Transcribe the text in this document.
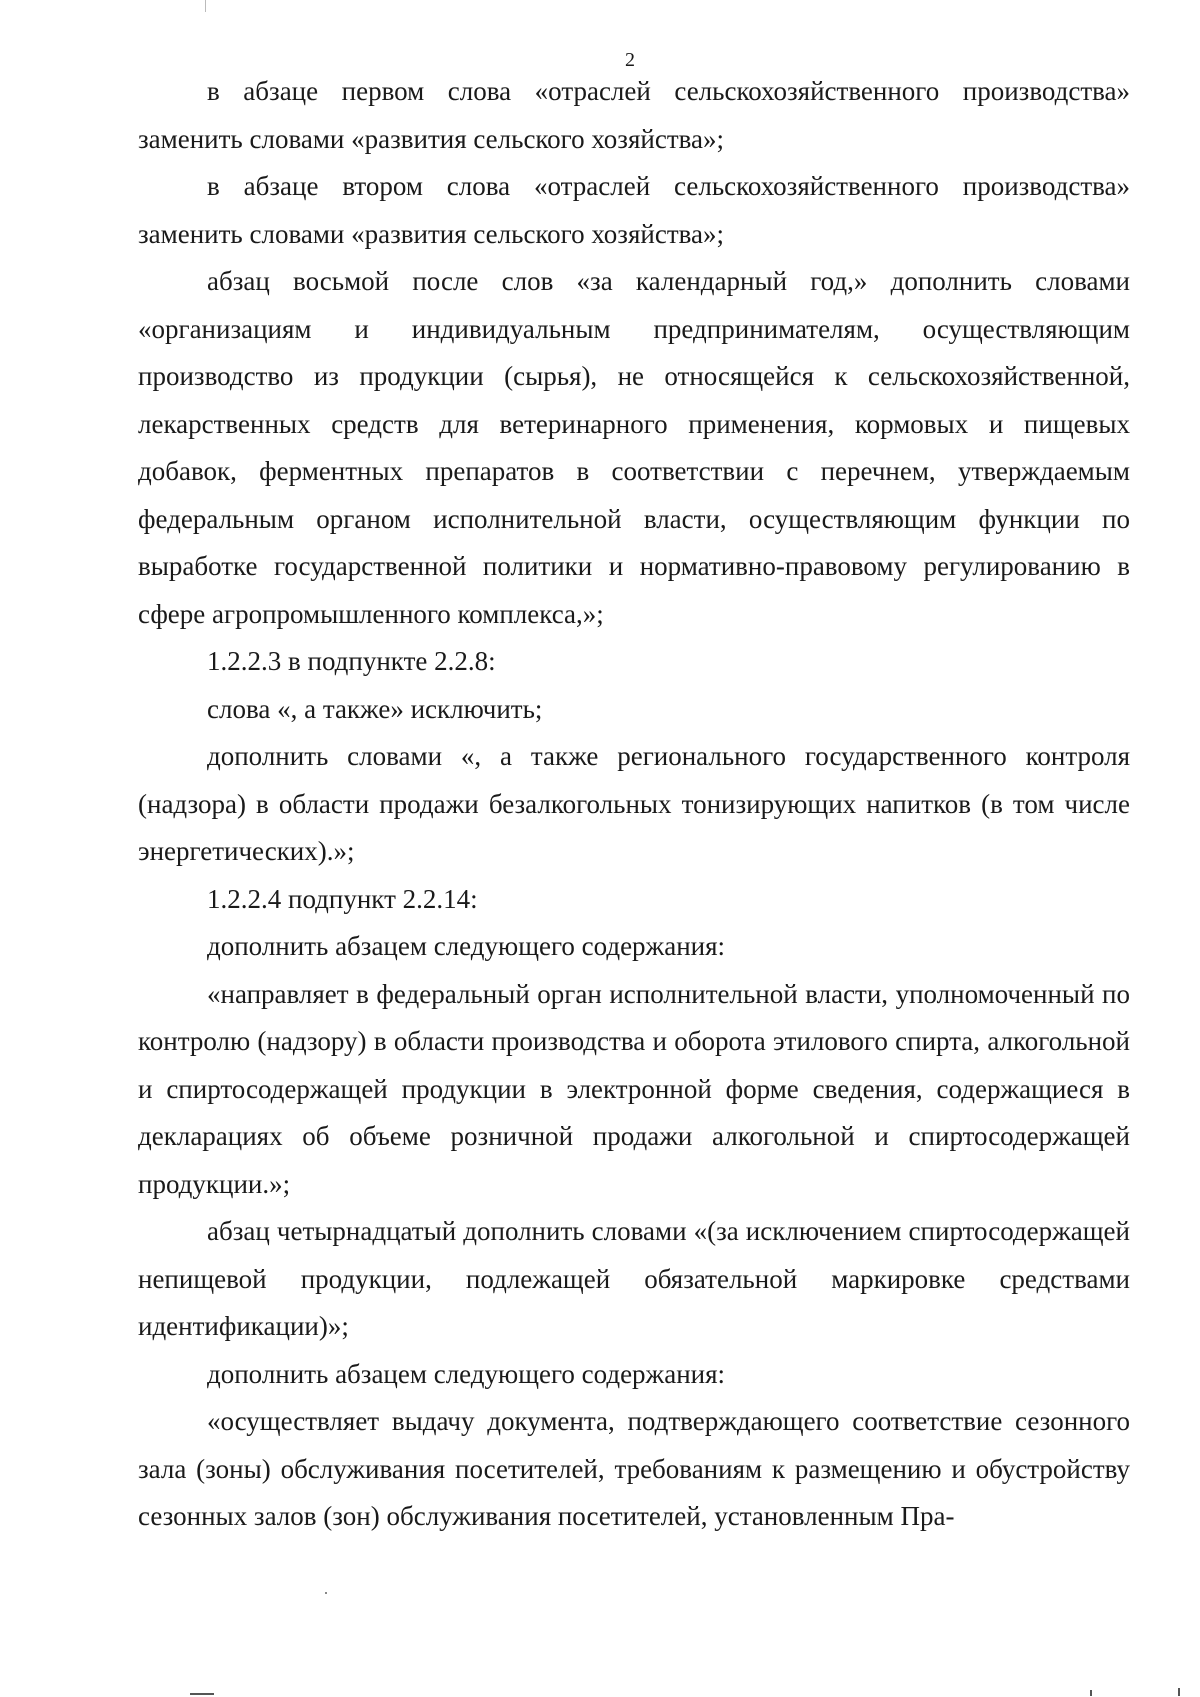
2

в абзаце первом слова «отраслей сельскохозяйственного производства» заменить словами «развития сельского хозяйства»;

в абзаце втором слова «отраслей сельскохозяйственного производства» заменить словами «развития сельского хозяйства»;

абзац восьмой после слов «за календарный год,» дополнить словами «организациям и индивидуальным предпринимателям, осуществляющим производство из продукции (сырья), не относящейся к сельскохозяйственной, лекарственных средств для ветеринарного применения, кормовых и пищевых добавок, ферментных препаратов в соответствии с перечнем, утверждаемым федеральным органом исполнительной власти, осуществляющим функции по выработке государственной политики и нормативно-правовому регулированию в сфере агропромышленного комплекса,»;

1.2.2.3 в подпункте 2.2.8:

слова «, а также» исключить;

дополнить словами «, а также регионального государственного контроля (надзора) в области продажи безалкогольных тонизирующих напитков (в том числе энергетических).»;

1.2.2.4 подпункт 2.2.14:

дополнить абзацем следующего содержания:

«направляет в федеральный орган исполнительной власти, уполномоченный по контролю (надзору) в области производства и оборота этилового спирта, алкогольной и спиртосодержащей продукции в электронной форме сведения, содержащиеся в декларациях об объеме розничной продажи алкогольной и спиртосодержащей продукции.»;

абзац четырнадцатый дополнить словами «(за исключением спиртосодержащей непищевой продукции, подлежащей обязательной маркировке средствами идентификации)»;

дополнить абзацем следующего содержания:

«осуществляет выдачу документа, подтверждающего соответствие сезонного зала (зоны) обслуживания посетителей, требованиям к размещению и обустройству сезонных залов (зон) обслуживания посетителей, установленным Пра-
